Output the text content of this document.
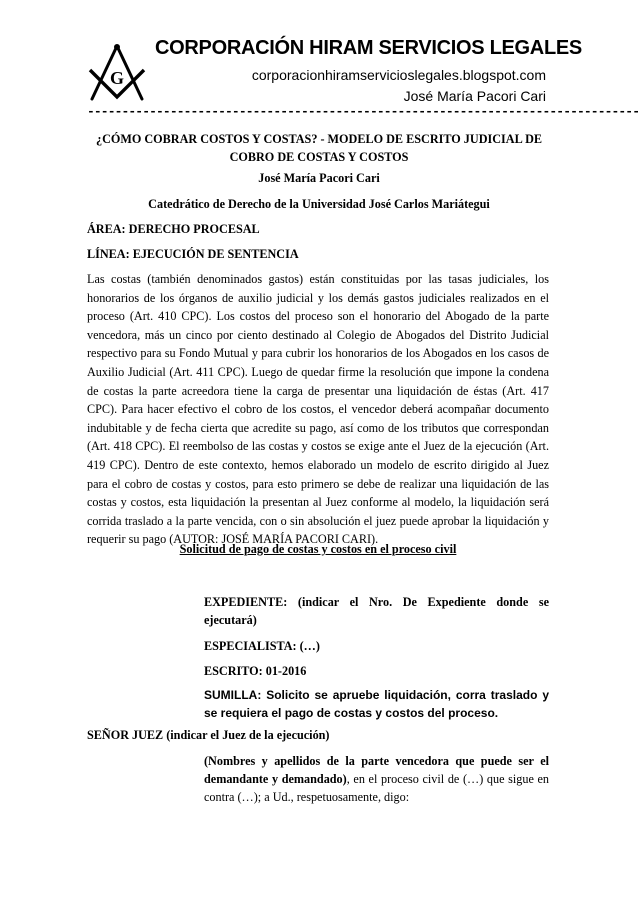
G
CORPORACIÓN HIRAM SERVICIOS LEGALES
corporacionhiramservicioslegales.blogspot.com
José María Pacori Cari
--------------------------------------------------------------------------------
¿CÓMO COBRAR COSTOS Y COSTAS? - MODELO DE ESCRITO JUDICIAL DE COBRO DE COSTAS Y COSTOS
José María Pacori Cari
Catedrático de Derecho de la Universidad José Carlos Mariátegui
ÁREA: DERECHO PROCESAL
LÍNEA: EJECUCIÓN DE SENTENCIA

Las costas (también denominados gastos) están constituidas por las tasas judiciales, los honorarios de los órganos de auxilio judicial y los demás gastos judiciales realizados en el proceso (Art. 410 CPC). Los costos del proceso son el honorario del Abogado de la parte vencedora, más un cinco por ciento destinado al Colegio de Abogados del Distrito Judicial respectivo para su Fondo Mutual y para cubrir los honorarios de los Abogados en los casos de Auxilio Judicial (Art. 411 CPC). Luego de quedar firme la resolución que impone la condena de costas la parte acreedora tiene la carga de presentar una liquidación de éstas (Art. 417 CPC). Para hacer efectivo el cobro de los costos, el vencedor deberá acompañar documento indubitable y de fecha cierta que acredite su pago, así como de los tributos que correspondan (Art. 418 CPC). El reembolso de las costas y costos se exige ante el Juez de la ejecución (Art. 419 CPC). Dentro de este contexto, hemos elaborado un modelo de escrito dirigido al Juez para el cobro de costas y costos, para esto primero se debe de realizar una liquidación de las costas y costos, esta liquidación la presentan al Juez conforme al modelo, la liquidación será corrida traslado a la parte vencida, con o sin absolución el juez puede aprobar la liquidación y requerir su pago (AUTOR: JOSÉ MARÍA PACORI CARI).

Solicitud de pago de costas y costos en el proceso civil

EXPEDIENTE: (indicar el Nro. De Expediente donde se ejecutará)

ESPECIALISTA: (…)

ESCRITO: 01-2016

SUMILLA: Solicito se apruebe liquidación, corra traslado y se requiera el pago de costas y costos del proceso.

SEÑOR JUEZ (indicar el Juez de la ejecución)

(Nombres y apellidos de la parte vencedora que puede ser el demandante y demandado), en el proceso civil de (…) que sigue en contra (…); a Ud., respetuosamente, digo:
